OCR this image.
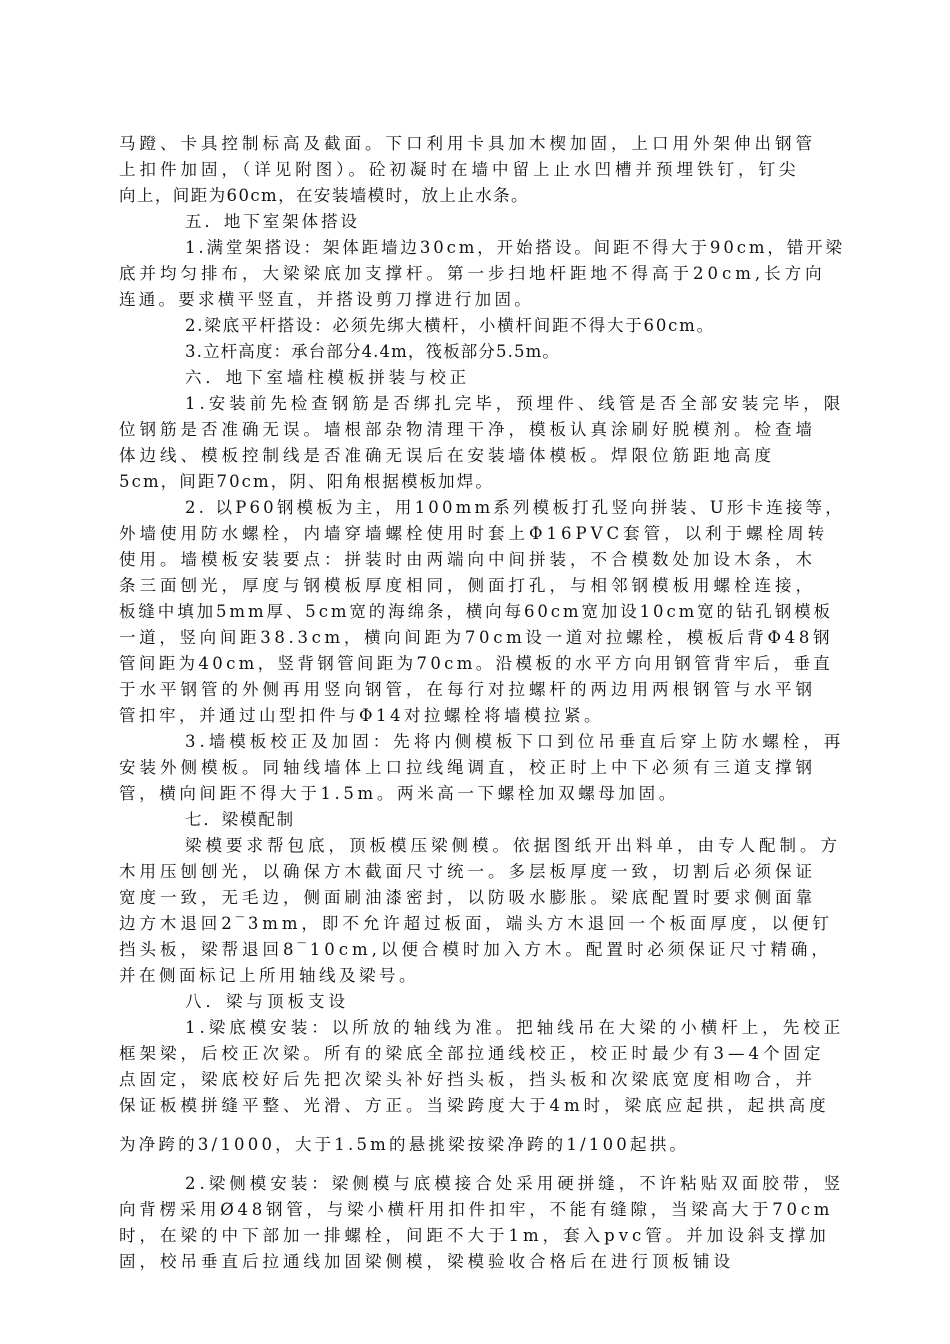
马蹬、卡具控制标高及截面。下口利用卡具加木楔加固，上口用外架伸出钢管
上扣件加固，（详见附图）。砼初凝时在墙中留上止水凹槽并预埋铁钉，钉尖
向上，间距为60cm，在安装墙模时，放上止水条。
五．地下室架体搭设
1.满堂架搭设：架体距墙边30cm，开始搭设。间距不得大于90cm，错开梁
底并均匀排布，大梁梁底加支撑杆。第一步扫地杆距地不得高于20cm,长方向
连通。要求横平竖直，并搭设剪刀撑进行加固。
2.梁底平杆搭设：必须先绑大横杆，小横杆间距不得大于60cm。
3.立杆高度：承台部分4.4m，筏板部分5.5m。
六．地下室墙柱模板拼装与校正
1.安装前先检查钢筋是否绑扎完毕，预埋件、线管是否全部安装完毕，限
位钢筋是否准确无误。墙根部杂物清理干净，模板认真涂刷好脱模剂。检查墙
体边线、模板控制线是否准确无误后在安装墙体模板。焊限位筋距地高度
5cm，间距70cm，阴、阳角根据模板加焊。
2. 以P60钢模板为主，用100mm系列模板打孔竖向拼装、U形卡连接等，
外墙使用防水螺栓，内墙穿墙螺栓使用时套上Φ16PVC套管，以利于螺栓周转
使用。墙模板安装要点：拼装时由两端向中间拼装，不合模数处加设木条，木
条三面刨光，厚度与钢模板厚度相同，侧面打孔，与相邻钢模板用螺栓连接，
板缝中填加5mm厚、5cm宽的海绵条，横向每60cm宽加设10cm宽的钻孔钢模板
一道，竖向间距38.3cm，横向间距为70cm设一道对拉螺栓，模板后背Φ48钢
管间距为40cm，竖背钢管间距为70cm。沿模板的水平方向用钢管背牢后，垂直
于水平钢管的外侧再用竖向钢管，在每行对拉螺杆的两边用两根钢管与水平钢
管扣牢，并通过山型扣件与Φ14对拉螺栓将墙模拉紧。
3.墙模板校正及加固：先将内侧模板下口到位吊垂直后穿上防水螺栓，再
安装外侧模板。同轴线墙体上口拉线绳调直，校正时上中下必须有三道支撑钢
管，横向间距不得大于1.5m。两米高一下螺栓加双螺母加固。
七．梁模配制
梁模要求帮包底，顶板模压梁侧模。依据图纸开出料单，由专人配制。方
木用压刨刨光，以确保方木截面尺寸统一。多层板厚度一致，切割后必须保证
宽度一致，无毛边，侧面刷油漆密封，以防吸水膨胀。梁底配置时要求侧面靠
边方木退回2‾3mm，即不允许超过板面，端头方木退回一个板面厚度，以便钉
挡头板，梁帮退回8‾10cm,以便合模时加入方木。配置时必须保证尺寸精确，
并在侧面标记上所用轴线及梁号。
八．梁与顶板支设
1.梁底模安装：以所放的轴线为准。把轴线吊在大梁的小横杆上，先校正
框架梁，后校正次梁。所有的梁底全部拉通线校正，校正时最少有3—4个固定
点固定，梁底校好后先把次梁头补好挡头板，挡头板和次梁底宽度相吻合，并
保证板模拼缝平整、光滑、方正。当梁跨度大于4m时，梁底应起拱，起拱高度
为净跨的3/1000，大于1.5m的悬挑梁按梁净跨的1/100起拱。
2.梁侧模安装：梁侧模与底模接合处采用硬拼缝，不许粘贴双面胶带，竖
向背楞采用Ø48钢管，与梁小横杆用扣件扣牢，不能有缝隙，当梁高大于70cm
时，在梁的中下部加一排螺栓，间距不大于1m，套入pvc管。并加设斜支撑加
固，校吊垂直后拉通线加固梁侧模，梁模验收合格后在进行顶板铺设
